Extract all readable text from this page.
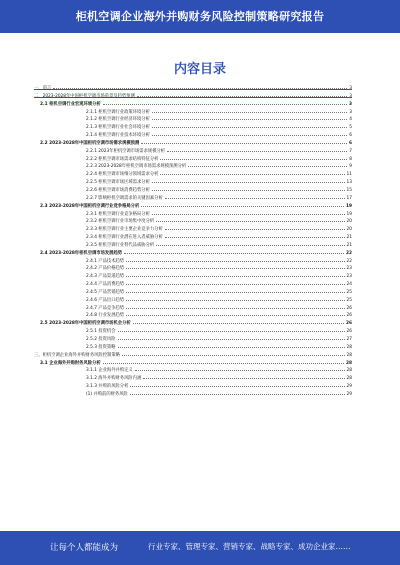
柜机空调企业海外并购财务风险控制策略研究报告
内容目录
一、前言	3
二、2023-2028年中国柜机空调市场前景及趋势预测	3
2.1 柜机空调行业宏观环境分析	3
2.1.1 柜机空调行业政策环境分析	3
2.1.2 柜机空调行业经济环境分析	4
2.1.3 柜机空调行业社会环境分析	5
2.1.4 柜机空调行业技术环境分析	6
2.2 2023-2028年中国柜机空调市场需求规模预测	6
2.2.1 2023年柜机空调市场需求规模分析	7
2.2.2 柜机空调市场需求结构特征分析	8
2.2.3 2023-2028年柜机空调市场需求规模预测分析	9
2.2.4 柜机空调市场细分领域需求分析	11
2.2.5 柜机空调市场区域需求分析	13
2.2.6 柜机空调市场消费趋势分析	15
2.2.7 影响柜机空调需求的关键因素分析	17
2.3 2023-2028年中国柜机空调行业竞争格局分析	19
2.3.1 柜机空调行业竞争格局分析	19
2.3.2 柜机空调行业市场集中度分析	20
2.3.3 柜机空调行业主要企业竞争力分析	20
2.3.4 柜机空调行业潜在进入者威胁分析	21
2.3.5 柜机空调行业替代品威胁分析	21
2.4 2023-2028年柜机空调市场发展趋势	22
2.4.1 产品技术趋势	22
2.4.2 产品价格趋势	23
2.4.3 产品渠道趋势	23
2.4.4 产品消费趋势	24
2.4.5 产品营销趋势	25
2.4.6 产品出口趋势	25
2.4.7 产品竞争趋势	26
2.4.8 行业发展趋势	26
2.5 2023-2028年中国柜机空调市场机会分析	26
2.5.1 投资机会	26
2.5.2 投资风险	27
2.5.3 投资策略	28
三、柜机空调企业海外并购财务风险控制策略	28
3.1 企业海外并购财务风险分析	28
3.1.1 企业海外并购定义	28
3.1.2 海外并购财务风险内涵	28
3.1.3 并购的风险分析	29
(1) 并购前的财务风险	29
让每个人都能成为	行业专家、管理专家、营销专家、战略专家、成功企业家……
